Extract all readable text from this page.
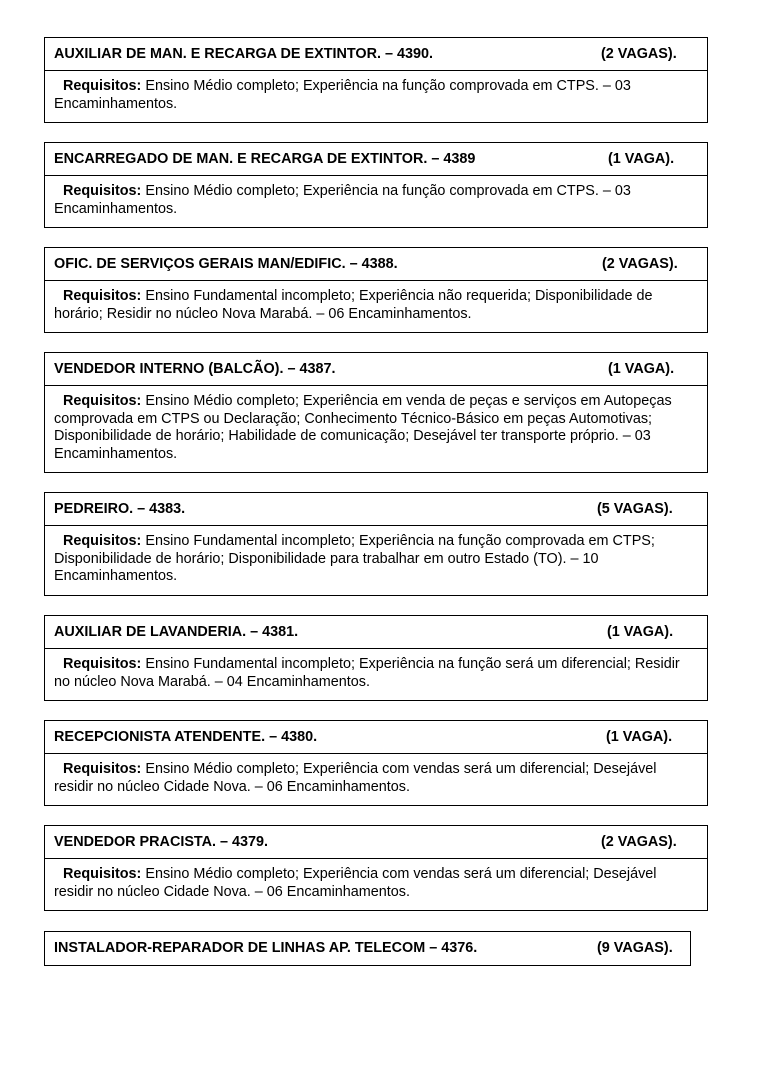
AUXILIAR DE MAN. E RECARGA DE EXTINTOR. – 4390.	(2 VAGAS).
Requisitos: Ensino Médio completo; Experiência na função comprovada em CTPS. – 03 Encaminhamentos.
ENCARREGADO DE MAN. E RECARGA DE EXTINTOR. – 4389	(1 VAGA).
Requisitos: Ensino Médio completo; Experiência na função comprovada em CTPS. – 03 Encaminhamentos.
OFIC. DE SERVIÇOS GERAIS MAN/EDIFIC. – 4388.	(2 VAGAS).
Requisitos: Ensino Fundamental incompleto; Experiência não requerida; Disponibilidade de horário; Residir no núcleo Nova Marabá. – 06 Encaminhamentos.
VENDEDOR INTERNO (BALCÃO). – 4387.	(1 VAGA).
Requisitos: Ensino Médio completo; Experiência em venda de peças e serviços em Autopeças comprovada em CTPS ou Declaração; Conhecimento Técnico-Básico em peças Automotivas; Disponibilidade de horário; Habilidade de comunicação; Desejável ter transporte próprio. – 03 Encaminhamentos.
PEDREIRO. – 4383.	(5 VAGAS).
Requisitos: Ensino Fundamental incompleto; Experiência na função comprovada em CTPS; Disponibilidade de horário; Disponibilidade para trabalhar em outro Estado (TO). – 10 Encaminhamentos.
AUXILIAR DE LAVANDERIA. – 4381.	(1 VAGA).
Requisitos: Ensino Fundamental incompleto; Experiência na função será um diferencial; Residir no núcleo Nova Marabá. – 04 Encaminhamentos.
RECEPCIONISTA ATENDENTE. – 4380.	(1 VAGA).
Requisitos: Ensino Médio completo; Experiência com vendas será um diferencial; Desejável residir no núcleo Cidade Nova. – 06 Encaminhamentos.
VENDEDOR PRACISTA. – 4379.	(2 VAGAS).
Requisitos: Ensino Médio completo; Experiência com vendas será um diferencial; Desejável residir no núcleo Cidade Nova. – 06 Encaminhamentos.
INSTALADOR-REPARADOR DE LINHAS AP. TELECOM – 4376.	(9 VAGAS).
